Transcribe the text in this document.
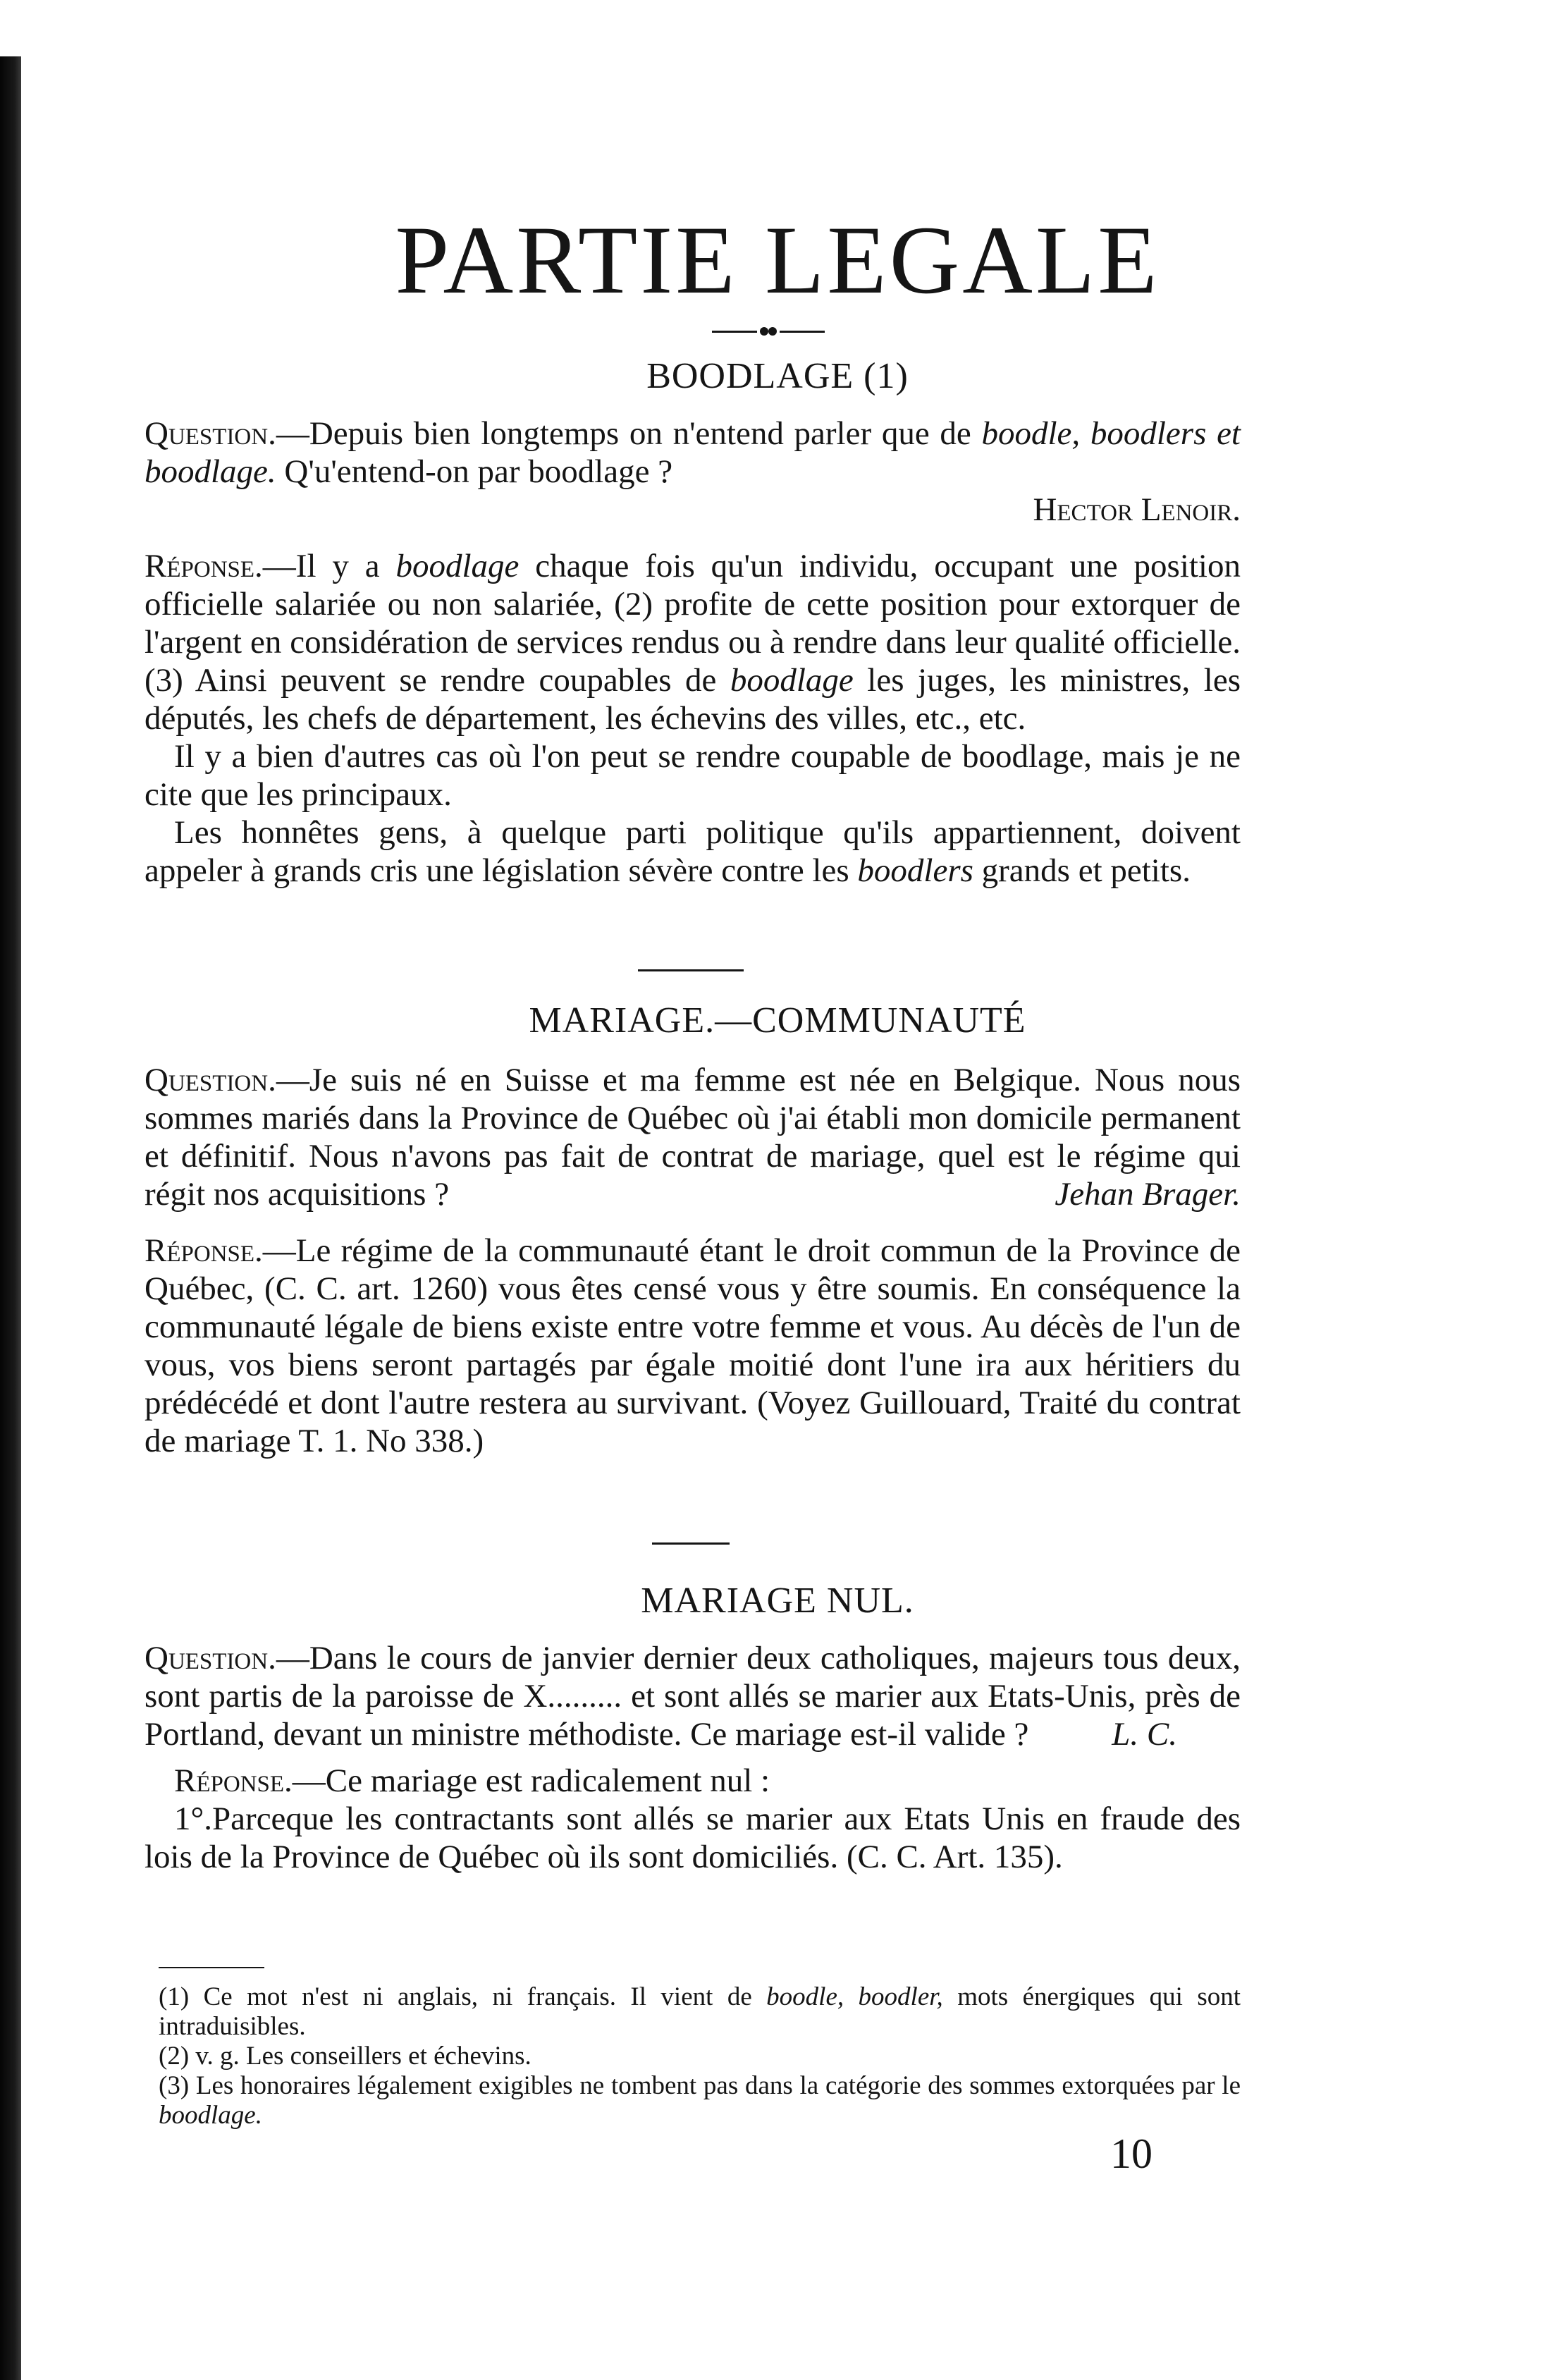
PARTIE LEGALE
BOODLAGE (1)

Question.—Depuis bien longtemps on n'entend parler que de boodle, boodlers et boodlage. Q'u'entend-on par boodlage ?

Hector Lenoir.

Réponse.—Il y a boodlage chaque fois qu'un individu, occupant une position officielle salariée ou non salariée, (2) profite de cette position pour extorquer de l'argent en considération de services rendus ou à rendre dans leur qualité officielle. (3) Ainsi peuvent se rendre coupables de boodlage les juges, les ministres, les députés, les chefs de département, les échevins des villes, etc., etc.

Il y a bien d'autres cas où l'on peut se rendre coupable de boodlage, mais je ne cite que les principaux.

Les honnêtes gens, à quelque parti politique qu'ils appartiennent, doivent appeler à grands cris une législation sévère contre les boodlers grands et petits.

MARIAGE.—COMMUNAUTÉ

Question.—Je suis né en Suisse et ma femme est née en Belgique. Nous nous sommes mariés dans la Province de Québec où j'ai établi mon domicile permanent et définitif. Nous n'avons pas fait de contrat de mariage, quel est le régime qui régit nos acquisitions ?	Jehan Brager.

Réponse.—Le régime de la communauté étant le droit commun de la Province de Québec, (C. C. art. 1260) vous êtes censé vous y être soumis. En conséquence la communauté légale de biens existe entre votre femme et vous. Au décès de l'un de vous, vos biens seront partagés par égale moitié dont l'une ira aux héritiers du prédécédé et dont l'autre restera au survivant. (Voyez Guillouard, Traité du contrat de mariage T. 1. No 338.)

MARIAGE NUL.

Question.—Dans le cours de janvier dernier deux catholiques, majeurs tous deux, sont partis de la paroisse de X......... et sont allés se marier aux Etats-Unis, près de Portland, devant un ministre méthodiste. Ce mariage est-il valide ?	L. C.

Réponse.—Ce mariage est radicalement nul :

1°.Parceque les contractants sont allés se marier aux Etats Unis en fraude des lois de la Province de Québec où ils sont domiciliés. (C. C. Art. 135).

(1) Ce mot n'est ni anglais, ni français. Il vient de boodle, boodler, mots énergiques qui sont intraduisibles.

(2) v. g. Les conseillers et échevins.

(3) Les honoraires légalement exigibles ne tombent pas dans la catégorie des sommes extorquées par le boodlage.

10
